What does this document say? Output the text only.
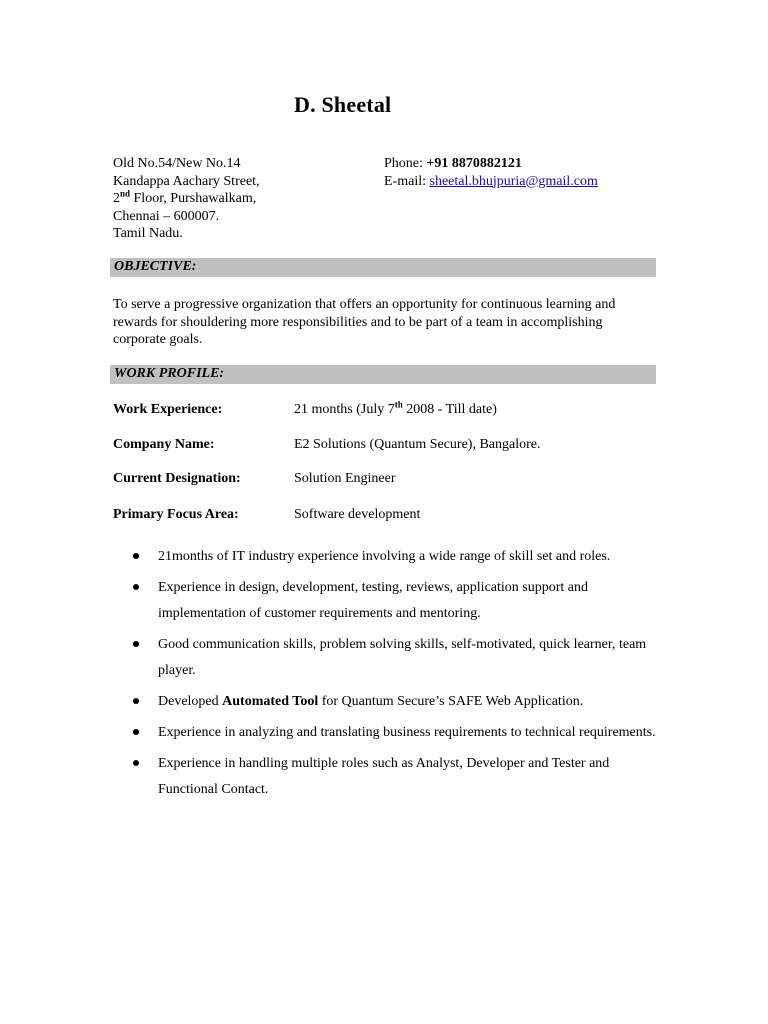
D. Sheetal
Old No.54/New No.14
Kandappa Aachary Street,
2nd Floor, Purshawalkam,
Chennai – 600007.
Tamil Nadu.
Phone: +91 8870882121
E-mail: sheetal.bhujpuria@gmail.com
OBJECTIVE:
To serve a progressive organization that offers an opportunity for continuous learning and rewards for shouldering more responsibilities and to be part of a team in accomplishing corporate goals.
WORK PROFILE:
Work Experience:	21 months (July 7th 2008 - Till date)
Company Name:	E2 Solutions (Quantum Secure), Bangalore.
Current Designation:	Solution Engineer
Primary Focus Area:	Software development
21months of IT industry experience involving a wide range of skill set and roles.
Experience in design, development, testing, reviews, application support and implementation of customer requirements and mentoring.
Good communication skills, problem solving skills, self-motivated, quick learner, team player.
Developed Automated Tool for Quantum Secure’s SAFE Web Application.
Experience in analyzing and translating business requirements to technical requirements.
Experience in handling multiple roles such as Analyst, Developer and Tester and Functional Contact.
